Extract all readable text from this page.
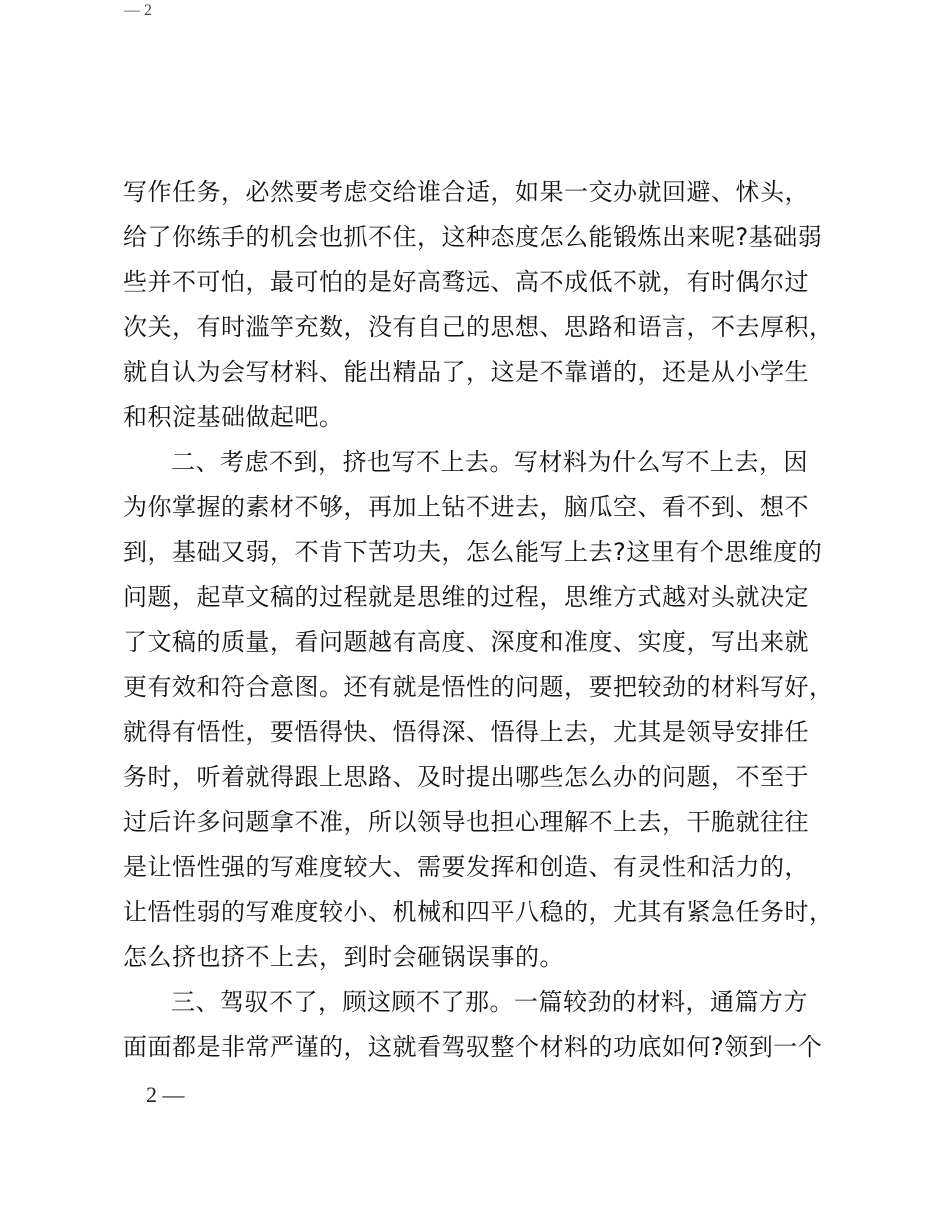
— 2
写作任务，必然要考虑交给谁合适，如果一交办就回避、怵头，
给了你练手的机会也抓不住，这种态度怎么能锻炼出来呢?基础弱
些并不可怕，最可怕的是好高骛远、高不成低不就，有时偶尔过
次关，有时滥竽充数，没有自己的思想、思路和语言，不去厚积，
就自认为会写材料、能出精品了，这是不靠谱的，还是从小学生
和积淀基础做起吧。
二、考虑不到，挤也写不上去。写材料为什么写不上去，因
为你掌握的素材不够，再加上钻不进去，脑瓜空、看不到、想不
到，基础又弱，不肯下苦功夫，怎么能写上去?这里有个思维度的
问题，起草文稿的过程就是思维的过程，思维方式越对头就决定
了文稿的质量，看问题越有高度、深度和准度、实度，写出来就
更有效和符合意图。还有就是悟性的问题，要把较劲的材料写好，
就得有悟性，要悟得快、悟得深、悟得上去，尤其是领导安排任
务时，听着就得跟上思路、及时提出哪些怎么办的问题，不至于
过后许多问题拿不准，所以领导也担心理解不上去，干脆就往往
是让悟性强的写难度较大、需要发挥和创造、有灵性和活力的，
让悟性弱的写难度较小、机械和四平八稳的，尤其有紧急任务时，
怎么挤也挤不上去，到时会砸锅误事的。
三、驾驭不了，顾这顾不了那。一篇较劲的材料，通篇方方
面面都是非常严谨的，这就看驾驭整个材料的功底如何?领到一个
2 —
